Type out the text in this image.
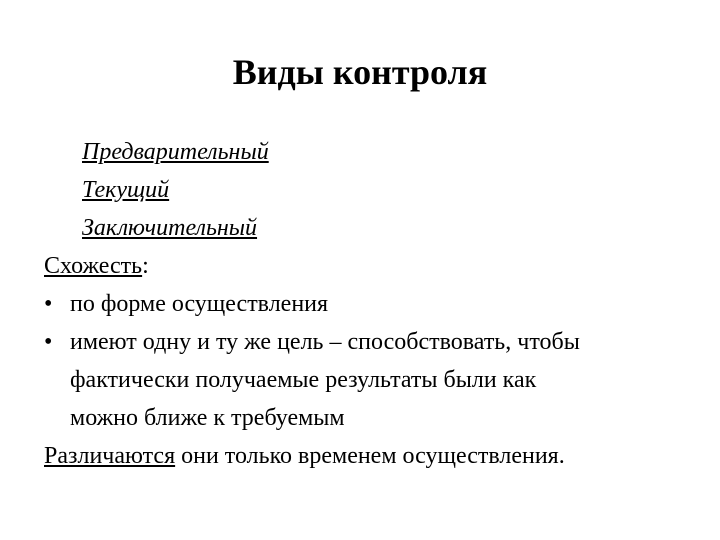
Виды контроля
Предварительный
Текущий
Заключительный
Схожесть:
• по форме осуществления
• имеют одну и ту же цель – способствовать, чтобы
фактически получаемые результаты были как
можно ближе к требуемым
Различаются они только временем осуществления.
